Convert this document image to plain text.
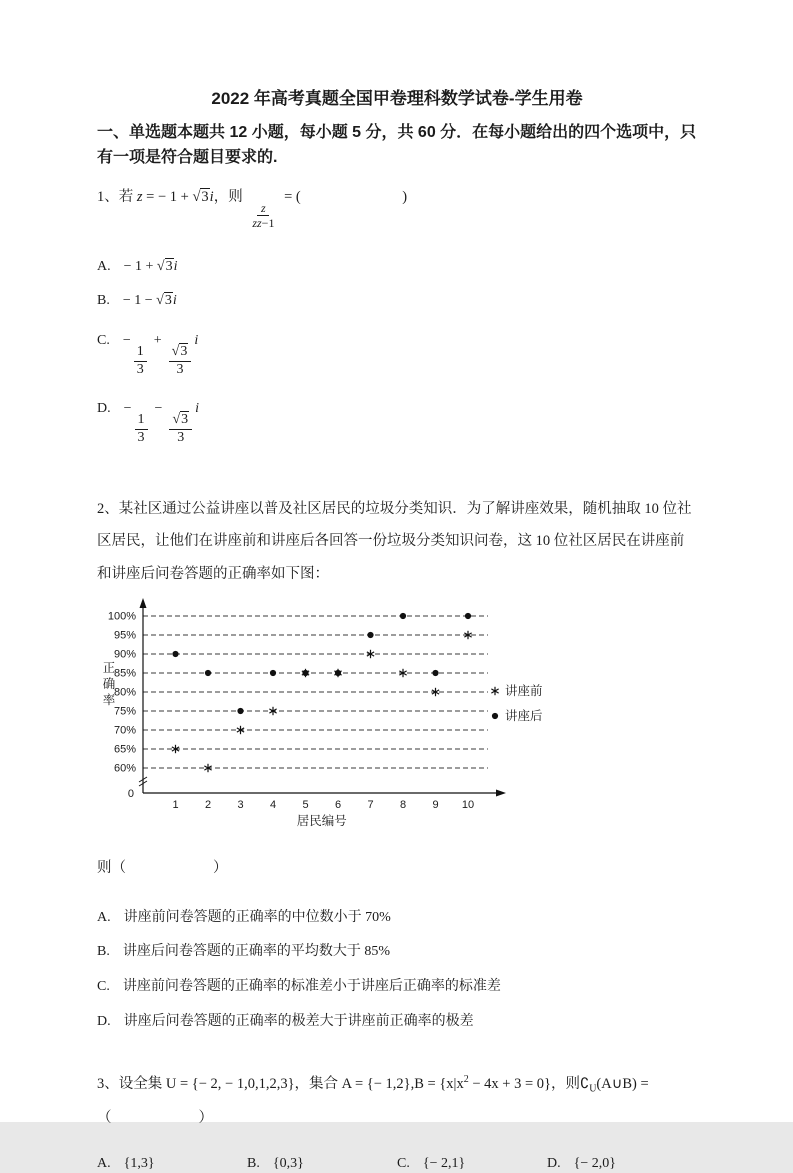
2022 年高考真题全国甲卷理科数学试卷-学生用卷

一、单选题本题共 12 小题，每小题 5 分，共 60 分．在每小题给出的四个选项中，只有一项是符合题目要求的.

1、若 z = − 1 + √3i，则
$\frac{z}{z\overline{z}-1}$
= (　　　　　　　)

A. − 1 + √3i
B. − 1 − √3i
C. −
$\frac{1}{3}$
+
$\frac{√3}{3}$
i
D. −
$\frac{1}{3}$
−
$\frac{√3}{3}$
i

2、某社区通过公益讲座以普及社区居民的垃圾分类知识．为了解讲座效果，随机抽取 10 位社区居民，让他们在讲座前和讲座后各回答一份垃圾分类知识问卷，这 10 位社区居民在讲座前和讲座后问卷答题的正确率如下图：

100%
95%
90%
85%
80%
75%
70%
65%
60%
0
1 2 3 4 5 6 7 8 9 10
居民编号
正
确
率
讲座前
讲座后

则（　　　　　　）

A. 讲座前问卷答题的正确率的中位数小于 70%
B. 讲座后问卷答题的正确率的平均数大于 85%
C. 讲座前问卷答题的正确率的标准差小于讲座后正确率的标准差
D. 讲座后问卷答题的正确率的极差大于讲座前正确率的极差

3、设全集 U = {− 2, − 1,0,1,2,3}，集合 A = {− $1,2\},B = \{x|x^2 - 4x + 3 = 0\}$，则$∁_U(A\cup B)$ =

（　　　　　　）

A. {1,3}	B. {0,3}	C. {− 2,1}	D. {− 2,0}
